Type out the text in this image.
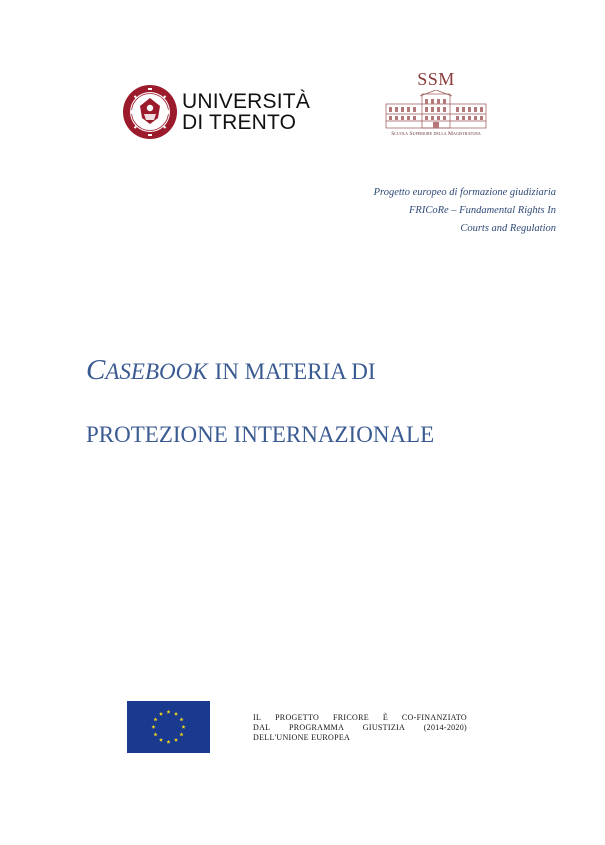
UNIVERSITÀ
DI TRENTO
SSM
Scuola Superiore della Magistratura
Progetto europeo di formazione giudiziaria
FRICoRe – Fundamental Rights In
Courts and Regulation
CASEBOOK IN MATERIA DI
PROTEZIONE INTERNAZIONALE
IL PROGETTO FRICORE È CO-FINANZIATO
DAL PROGRAMMA GIUSTIZIA (2014-2020)
DELL'UNIONE EUROPEA
